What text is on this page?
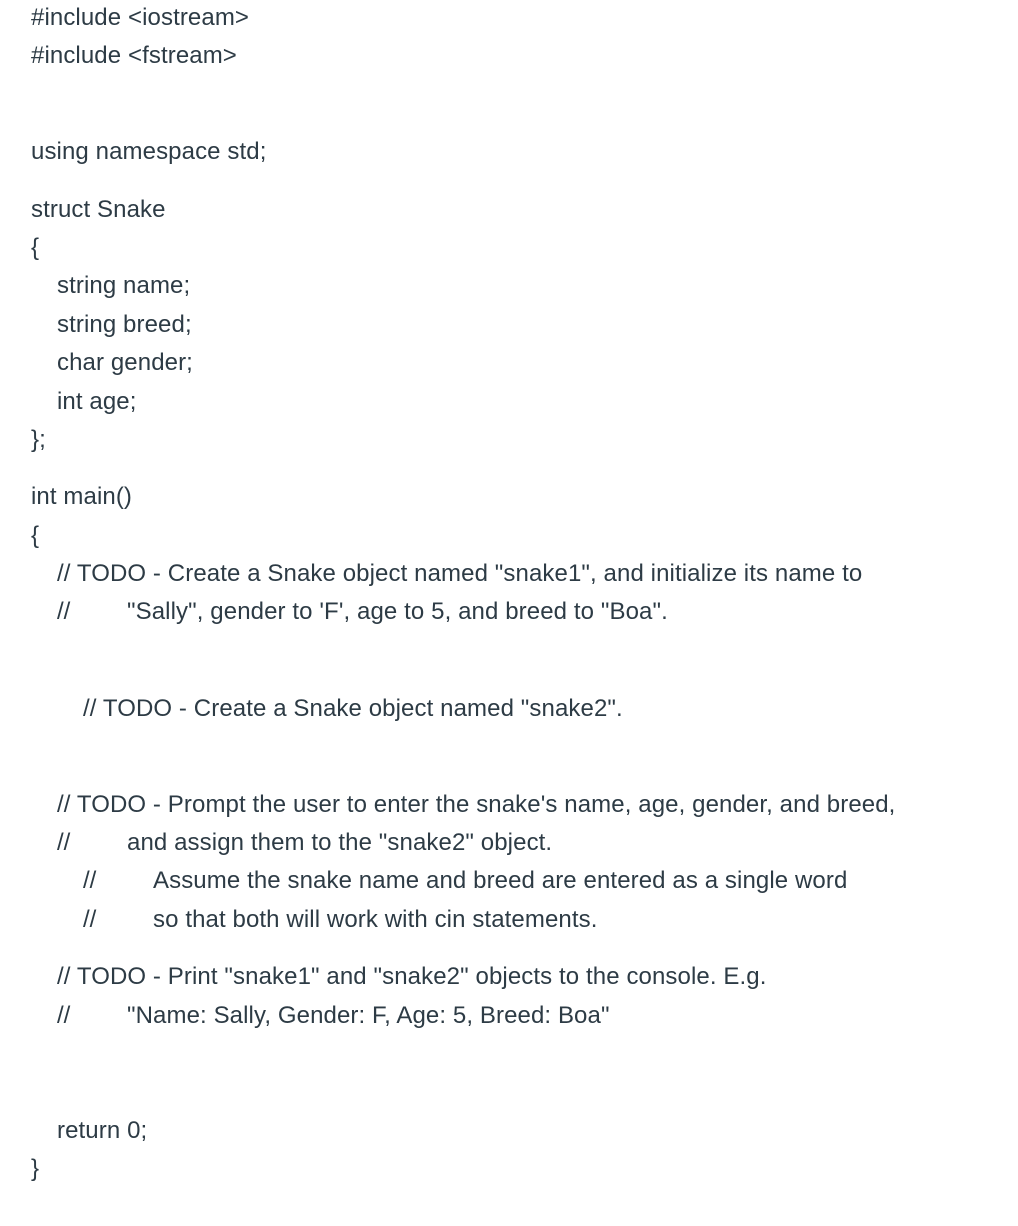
#include <iostream>
#include <fstream>
using namespace std;
struct Snake
{
string name;
string breed;
char gender;
int age;
};
int main()
{
// TODO - Create a Snake object named "snake1", and initialize its name to
// "Sally", gender to 'F', age to 5, and breed to "Boa".
// TODO - Create a Snake object named "snake2".
// TODO - Prompt the user to enter the snake's name, age, gender, and breed,
// and assign them to the "snake2" object.
// Assume the snake name and breed are entered as a single word
// so that both will work with cin statements.
// TODO - Print "snake1" and "snake2" objects to the console. E.g.
// "Name: Sally, Gender: F, Age: 5, Breed: Boa"
return 0;
}
